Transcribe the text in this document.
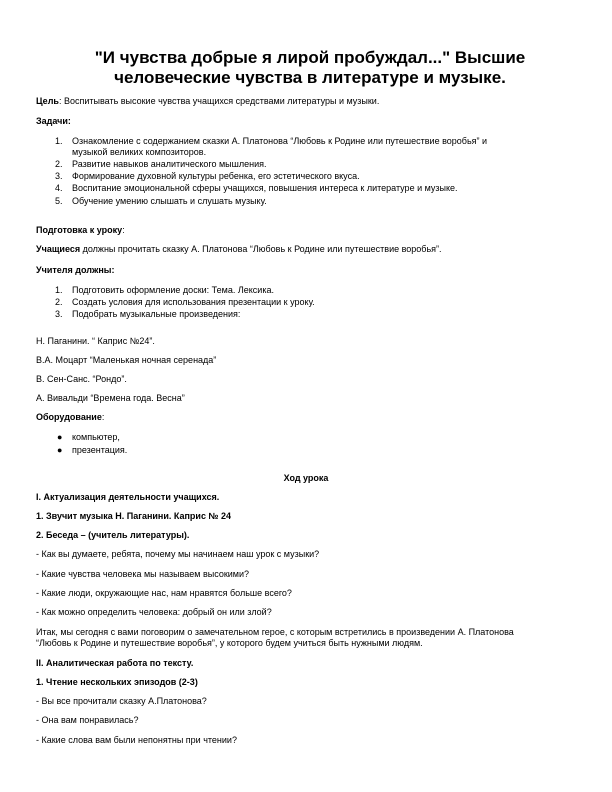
"И чувства добрые я лирой пробуждал..." Высшие
человеческие чувства в литературе и музыке.
Цель: Воспитывать высокие чувства учащихся средствами литературы и музыки.
Задачи:
1. Ознакомление с содержанием сказки А. Платонова “Любовь к Родине или путешествие воробья” и
музыкой великих композиторов.
2. Развитие навыков аналитического мышления.
3. Формирование духовной культуры ребенка, его эстетического вкуса.
4. Воспитание эмоциональной сферы учащихся, повышения интереса к литературе и музыке.
5. Обучение умению слышать и слушать музыку.
Подготовка к уроку:
Учащиеся должны прочитать сказку А. Платонова “Любовь к Родине или путешествие воробья”.
Учителя должны:
1. Подготовить оформление доски: Тема. Лексика.
2. Создать условия для использования презентации к уроку.
3. Подобрать музыкальные произведения:
Н. Паганини. “ Каприс №24”.
В.А. Моцарт “Маленькая ночная серенада”
В. Сен-Санс. “Рондо”.
А. Вивальди “Времена года. Весна”
Оборудование:
● компьютер,
● презентация.
Ход урока
I. Актуализация деятельности учащихся.
1. Звучит музыка Н. Паганини. Каприс № 24
2. Беседа – (учитель литературы).
- Как вы думаете, ребята, почему мы начинаем наш урок с музыки?
- Какие чувства человека мы называем высокими?
- Какие люди, окружающие нас, нам нравятся больше всего?
- Как можно определить человека: добрый он или злой?
Итак, мы сегодня с вами поговорим о замечательном герое, с которым встретились в произведении А. Платонова
“Любовь к Родине и путешествие воробья”, у которого будем учиться быть нужными людям.
II. Аналитическая работа по тексту.
1. Чтение нескольких эпизодов (2-3)
- Вы все прочитали сказку А.Платонова?
- Она вам понравилась?
- Какие слова вам были непонятны при чтении?
